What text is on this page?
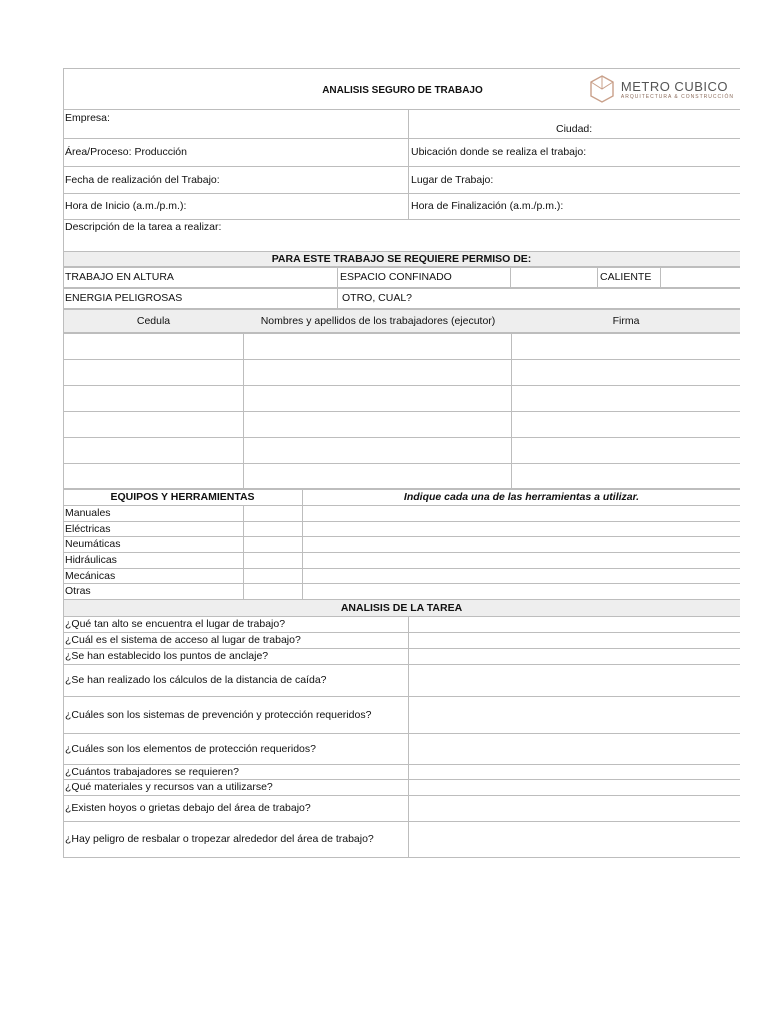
ANALISIS SEGURO DE TRABAJO	METRO CUBICO
ARQUITECTURA & CONSTRUCCIÓN
Empresa:
Ciudad:
Área/Proceso: Producción	Ubicación donde se realiza el trabajo:
Fecha de realización del Trabajo:	Lugar de Trabajo:
Hora de Inicio (a.m./p.m.):	Hora de Finalización (a.m./p.m.):
Descripción de la tarea a realizar:
PARA ESTE TRABAJO SE REQUIERE PERMISO DE:
TRABAJO EN ALTURA	ESPACIO CONFINADO	CALIENTE
ENERGIA PELIGROSAS	OTRO, CUAL?
Cedula	Nombres y apellidos de los trabajadores (ejecutor)	Firma
EQUIPOS Y HERRAMIENTAS	Indique cada una de las herramientas a utilizar.
Manuales
Eléctricas
Neumáticas
Hidráulicas
Mecánicas
Otras
ANALISIS DE LA TAREA
¿Qué tan alto se encuentra el lugar de trabajo?
¿Cuál es el sistema de acceso al lugar de trabajo?
¿Se han establecido los puntos de anclaje?
¿Se han realizado los cálculos de la distancia de caída?
¿Cuáles son los sistemas de prevención y protección requeridos?
¿Cuáles son los elementos de protección requeridos?
¿Cuántos trabajadores se requieren?
¿Qué materiales y recursos van a utilizarse?
¿Existen hoyos o grietas debajo del área de trabajo?
¿Hay peligro de resbalar o tropezar alrededor del área de trabajo?
